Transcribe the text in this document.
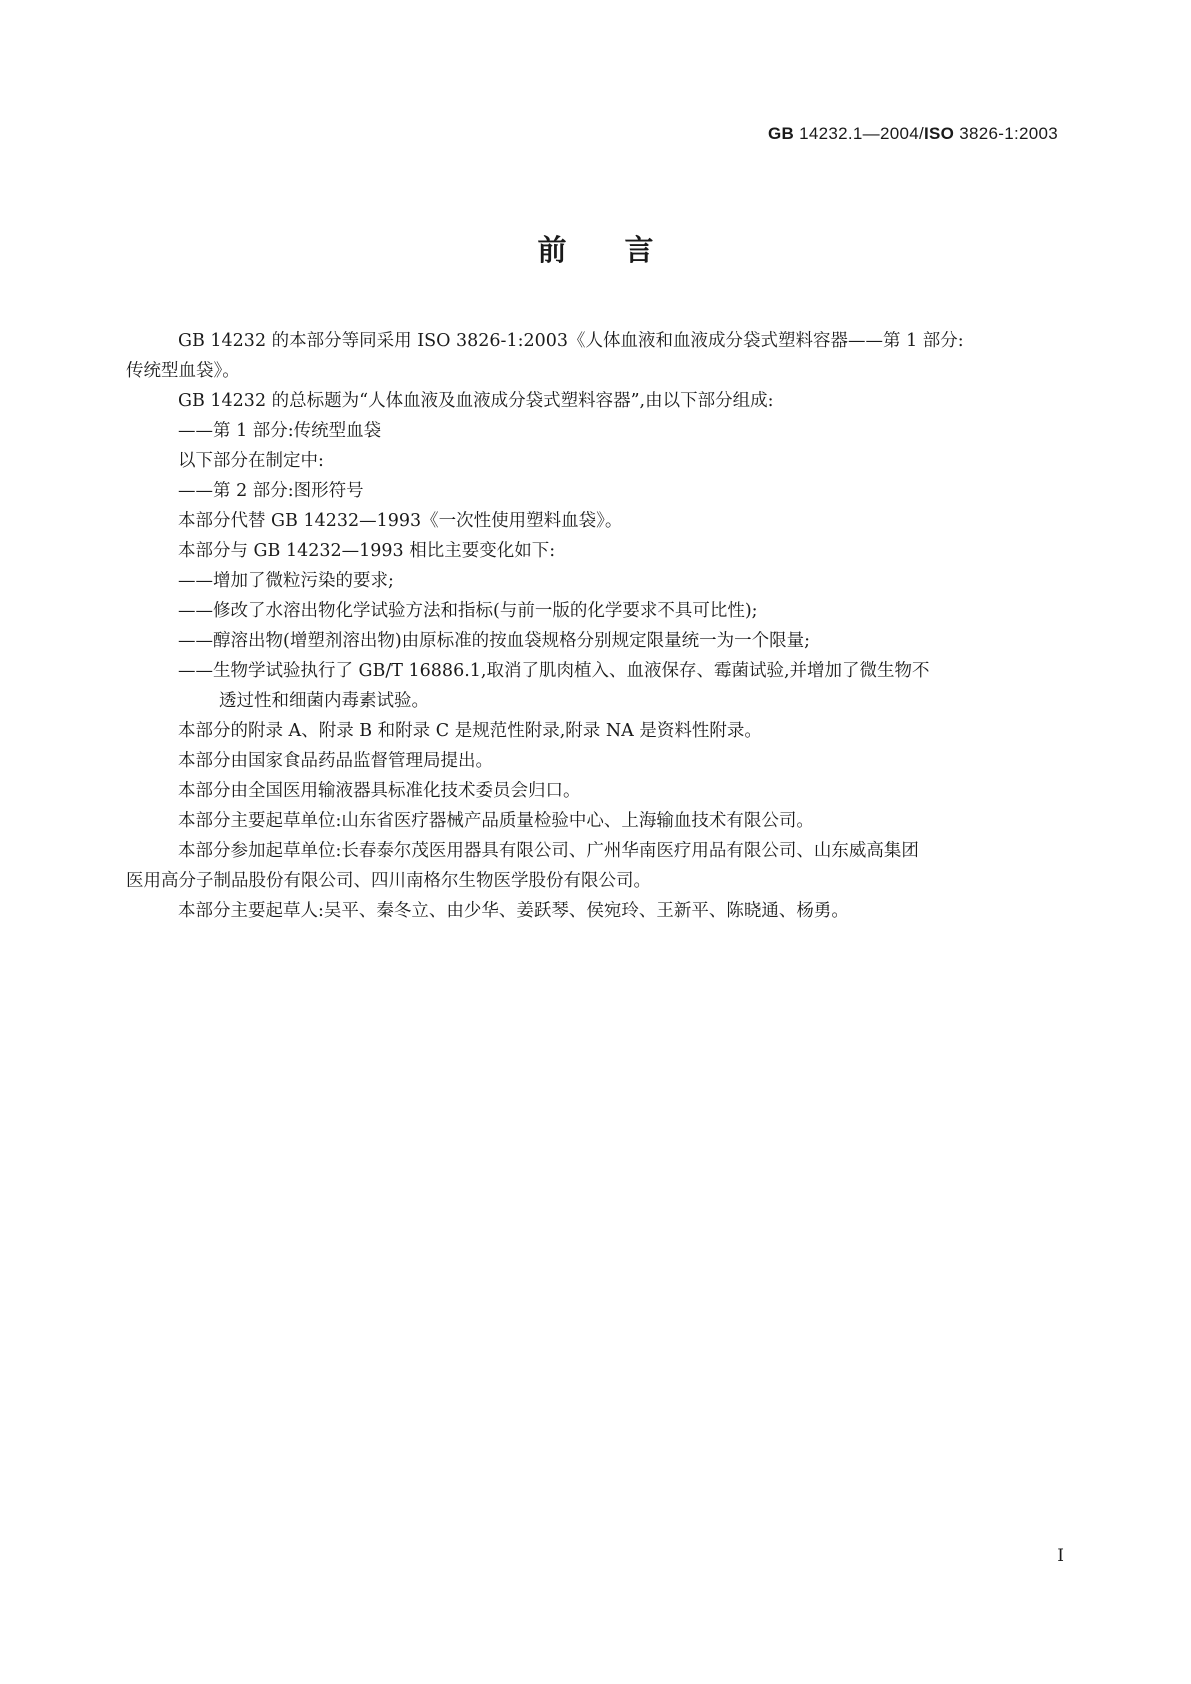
GB 14232.1—2004/ISO 3826-1:2003
前言

GB 14232 的本部分等同采用 ISO 3826-1:2003《人体血液和血液成分袋式塑料容器——第 1 部分:

传统型血袋》。

GB 14232 的总标题为“人体血液及血液成分袋式塑料容器”,由以下部分组成:

——第 1 部分:传统型血袋

以下部分在制定中:

——第 2 部分:图形符号

本部分代替 GB 14232—1993《一次性使用塑料血袋》。

本部分与 GB 14232—1993 相比主要变化如下:

——增加了微粒污染的要求;

——修改了水溶出物化学试验方法和指标(与前一版的化学要求不具可比性);

——醇溶出物(增塑剂溶出物)由原标准的按血袋规格分别规定限量统一为一个限量;

——生物学试验执行了 GB/T 16886.1,取消了肌肉植入、血液保存、霉菌试验,并增加了微生物不

透过性和细菌内毒素试验。

本部分的附录 A、附录 B 和附录 C 是规范性附录,附录 NA 是资料性附录。

本部分由国家食品药品监督管理局提出。

本部分由全国医用输液器具标准化技术委员会归口。

本部分主要起草单位:山东省医疗器械产品质量检验中心、上海输血技术有限公司。

本部分参加起草单位:长春泰尔茂医用器具有限公司、广州华南医疗用品有限公司、山东威高集团

医用高分子制品股份有限公司、四川南格尔生物医学股份有限公司。

本部分主要起草人:吴平、秦冬立、由少华、姜跃琴、侯宛玲、王新平、陈晓通、杨勇。

I
